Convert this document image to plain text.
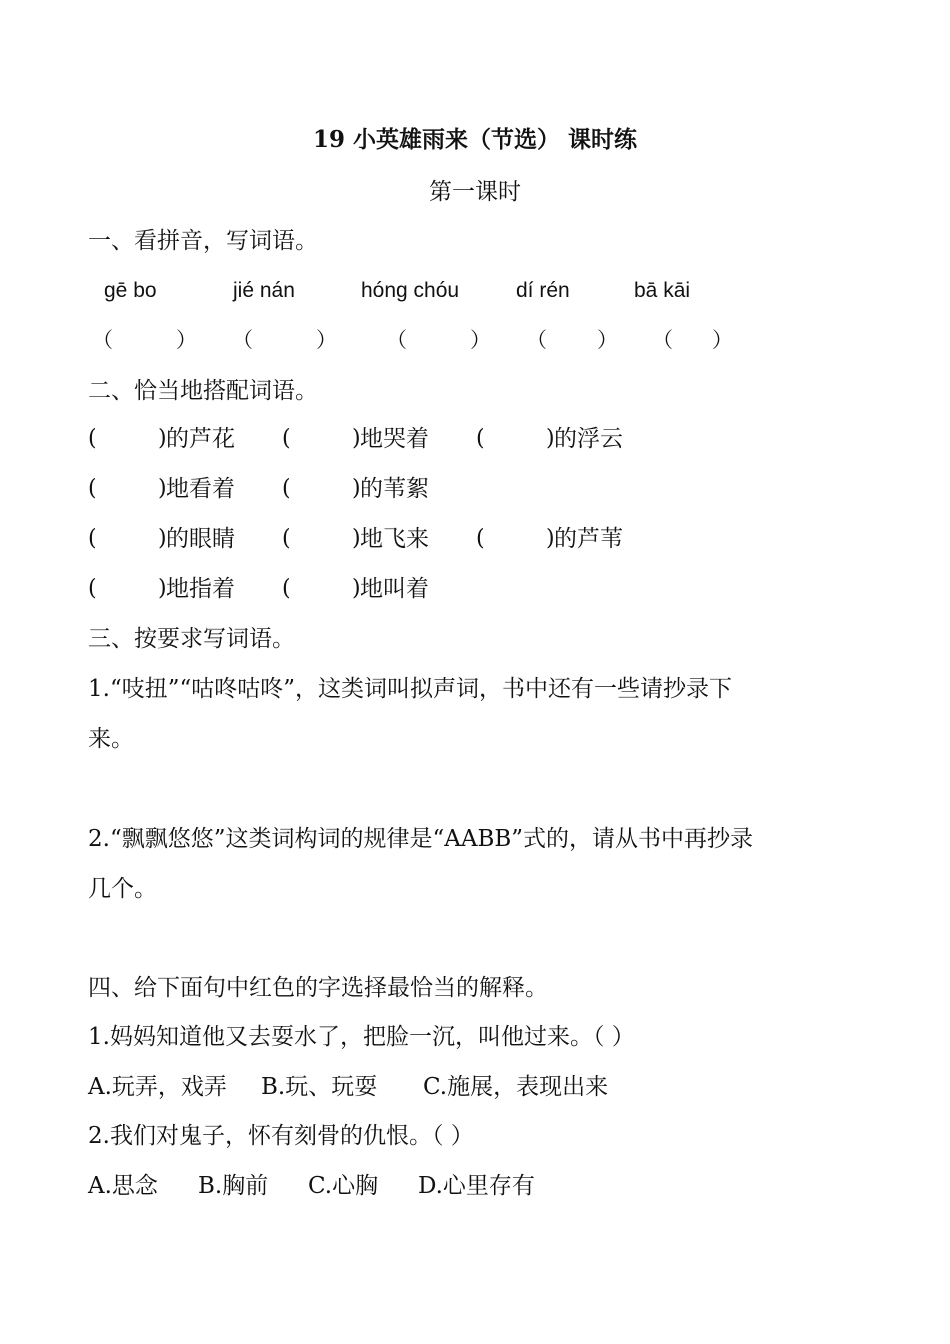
19 小英雄雨来（节选） 课时练
第一课时
一、看拼音，写词语。
gē bo	jié nán	hóng chóu	dí rén	bā kāi
（	） （	） （	） （ ） （ ）
二、恰当地搭配词语。
(	) 的芦花 (	) 地哭着 (	) 的浮云
(	) 地看着 (	) 的苇絮
(	) 的眼睛 (	) 地飞来 (	) 的芦苇
(	) 地指着 (	) 地叫着
三、按要求写词语。
1.“吱扭”“咕咚咕咚”，这类词叫拟声词，书中还有一些请抄录下
来。
2.“飘飘悠悠”这类词构词的规律是“AABB”式的，请从书中再抄录
几个。
四、给下面句中红色的字选择最恰当的解释。
1.妈妈知道他又去耍水了，把脸一沉，叫他过来。（ ）
A.玩弄，戏弄 B.玩、玩耍 C.施展，表现出来
2.我们对鬼子，怀有刻骨的仇恨。（ ）
A.思念 B.胸前 C.心胸 D.心里存有
